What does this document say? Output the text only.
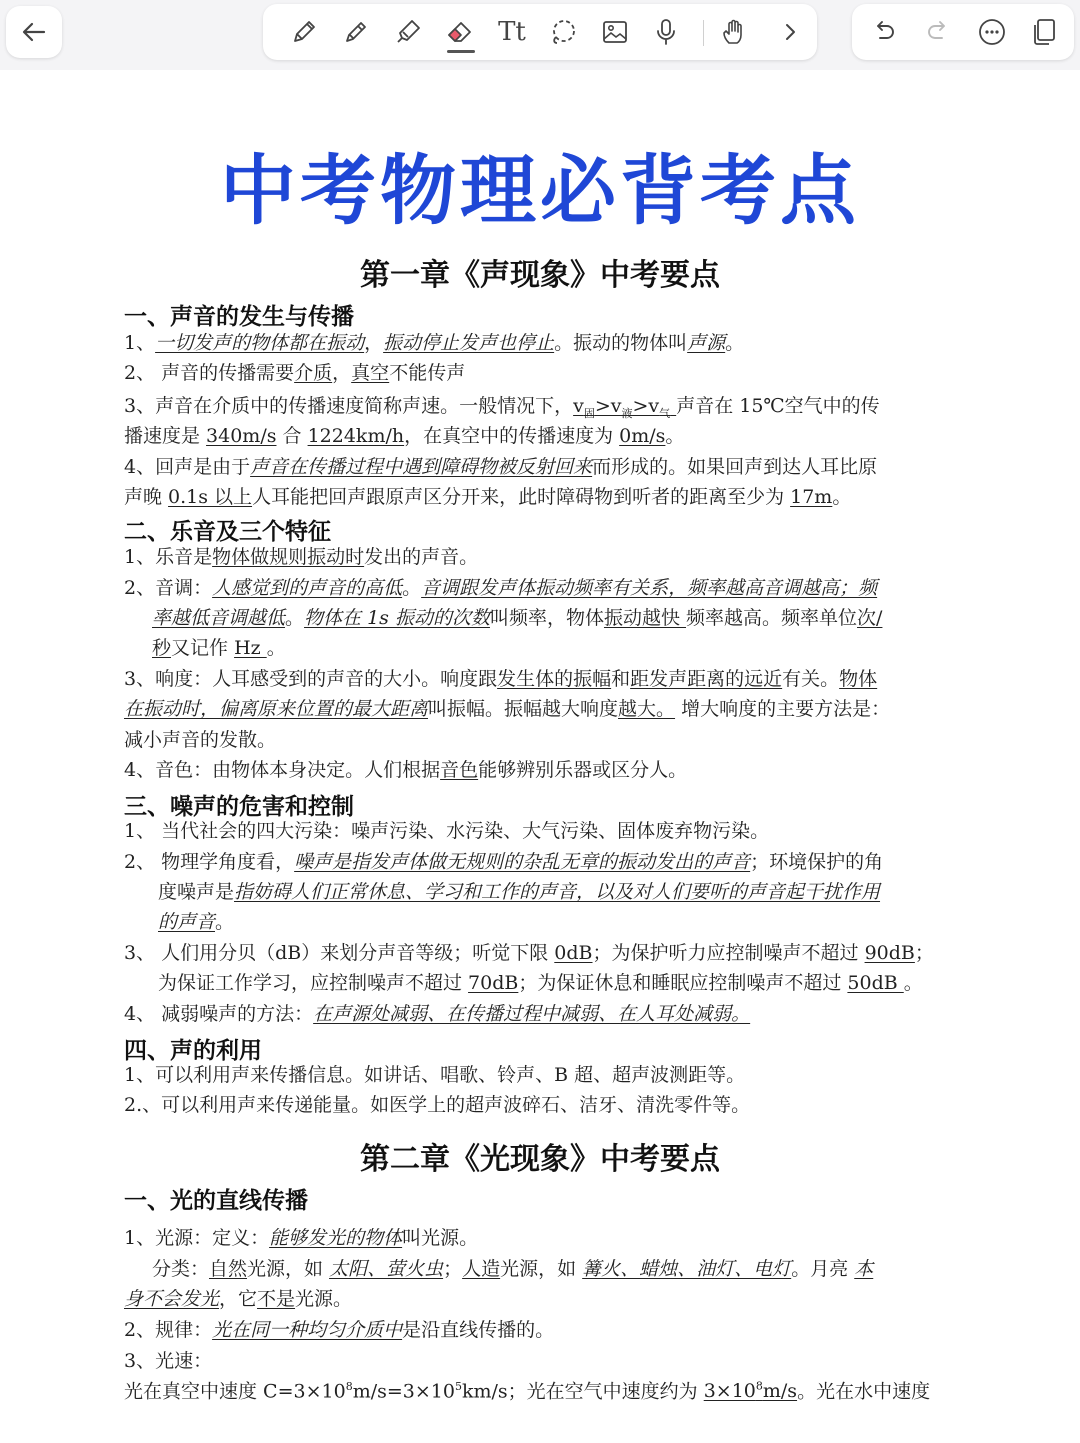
Tt
中考物理必背考点
第一章《声现象》中考要点
一、声音的发生与传播
1、一切发声的物体都在振动，振动停止发声也停止。振动的物体叫声源。
2、 声音的传播需要介质，真空不能传声
3、声音在介质中的传播速度简称声速。一般情况下，$v_固>v_液>v_气$ 声音在 15℃空气中的传
播速度是 340m/s 合 1224km/h，在真空中的传播速度为 0m/s。
4、回声是由于声音在传播过程中遇到障碍物被反射回来而形成的。如果回声到达人耳比原
声晚 0.1s 以上人耳能把回声跟原声区分开来，此时障碍物到听者的距离至少为 17m。
二、乐音及三个特征
1、乐音是物体做规则振动时发出的声音。
2、音调：人感觉到的声音的高低。音调跟发声体振动频率有关系，频率越高音调越高；频
率越低音调越低。物体在 1s 振动的次数叫频率，物体振动越快 频率越高。频率单位次/
秒又记作 Hz 。
3、响度：人耳感受到的声音的大小。响度跟发生体的振幅和距发声距离的远近有关。物体
在振动时，偏离原来位置的最大距离叫振幅。振幅越大响度越大。 增大响度的主要方法是：
减小声音的发散。
4、音色：由物体本身决定。人们根据音色能够辨别乐器或区分人。
三、噪声的危害和控制
1、 当代社会的四大污染：噪声污染、水污染、大气污染、固体废弃物污染。
2、 物理学角度看，噪声是指发声体做无规则的杂乱无章的振动发出的声音；环境保护的角
度噪声是指妨碍人们正常休息、学习和工作的声音，以及对人们要听的声音起干扰作用
的声音。
3、 人们用分贝（dB）来划分声音等级；听觉下限 0dB；为保护听力应控制噪声不超过 90dB；
为保证工作学习，应控制噪声不超过 70dB；为保证休息和睡眠应控制噪声不超过 50dB 。
4、 减弱噪声的方法：在声源处减弱、在传播过程中减弱、在人耳处减弱。
四、声的利用
1、可以利用声来传播信息。如讲话、唱歌、铃声、B 超、超声波测距等。
2.、可以利用声来传递能量。如医学上的超声波碎石、洁牙、清洗零件等。
第二章《光现象》中考要点
一、光的直线传播
1、光源：定义：能够发光的物体叫光源。
分类：自然光源，如 太阳、萤火虫；人造光源，如 篝火、蜡烛、油灯、电灯。月亮 本
身不会发光，它不是光源。
2、规律：光在同一种均匀介质中是沿直线传播的。
3、光速：
光在真空中速度 $C=3\times 10^8m/s=3\times 10^5km/s$；光在空气中速度约为 $3\times 10^8m/s$。光在水中速度
